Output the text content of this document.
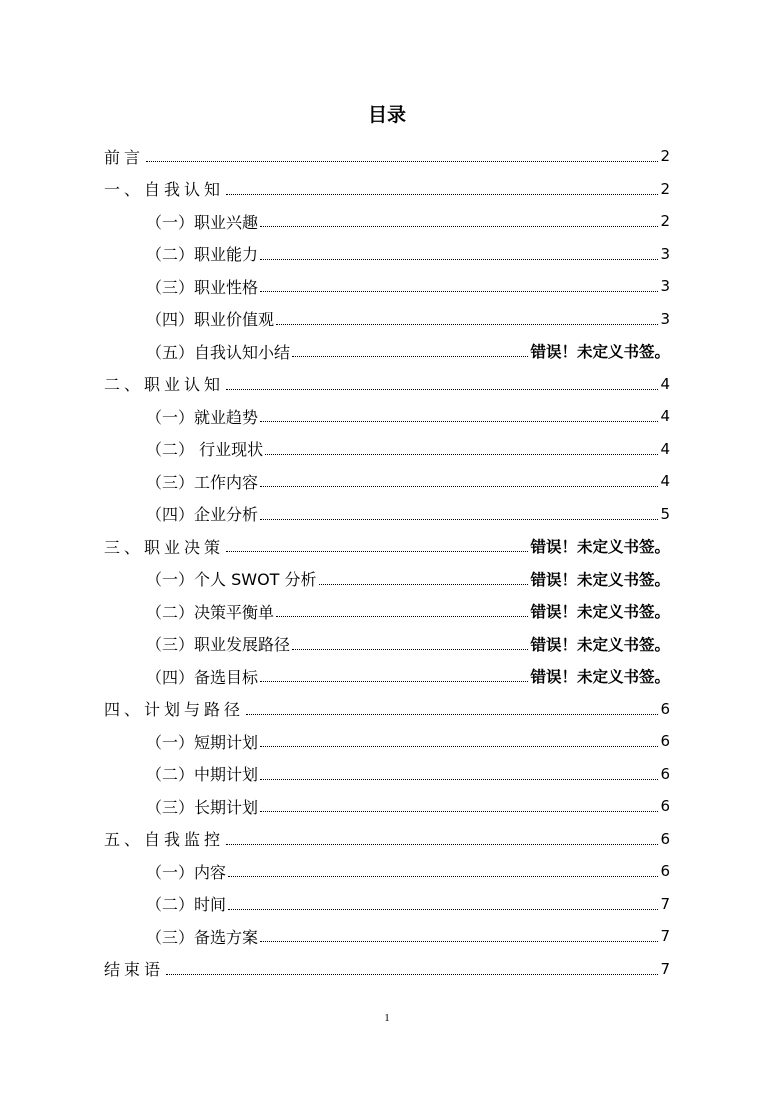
目录
前言	2
一、自我认知	2
（一）职业兴趣	2
（二）职业能力	3
（三）职业性格	3
（四）职业价值观	3
（五）自我认知小结	错误！未定义书签。
二、职业认知	4
（一）就业趋势	4
（二） 行业现状	4
（三）工作内容	4
（四）企业分析	5
三、职业决策	错误！未定义书签。
（一）个人 SWOT 分析	错误！未定义书签。
（二）决策平衡单	错误！未定义书签。
（三）职业发展路径	错误！未定义书签。
（四）备选目标	错误！未定义书签。
四、计划与路径	6
（一）短期计划	6
（二）中期计划	6
（三）长期计划	6
五、自我监控	6
（一）内容	6
（二）时间	7
（三）备选方案	7
结束语	7
1
